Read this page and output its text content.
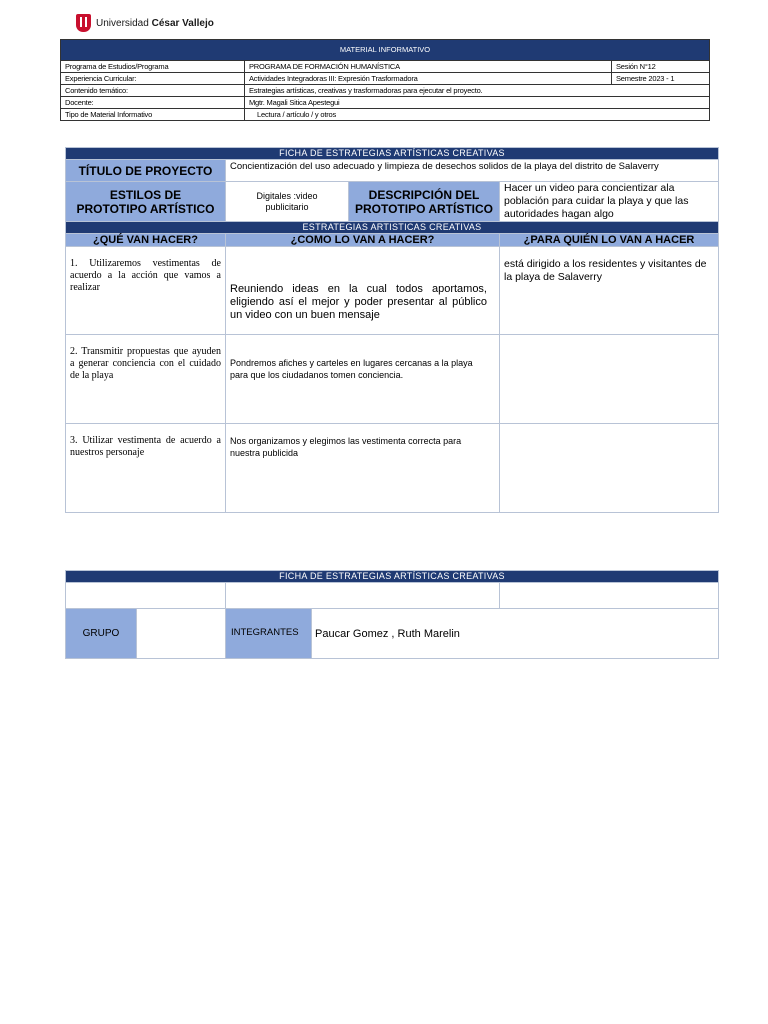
Universidad César Vallejo
MATERIAL INFORMATIVO		
Programa de Estudios/Programa	PROGRAMA DE FORMACIÓN HUMANÍSTICA	Sesión N°12
Experiencia Curricular:	Actividades Integradoras III: Expresión Trasformadora	Semestre 2023 - 1
Contenido temático:	Estrategias artísticas, creativas y trasformadoras para ejecutar el proyecto.	
Docente:	Mgtr. Magali Sitica Apestegui	
Tipo de Material Informativo	Lectura / artículo / y otros	
FICHA DE ESTRATEGIAS ARTÍSTICAS CREATIVAS			
TÍTULO DE PROYECTO	Concientización del uso adecuado y limpieza de desechos solidos de la playa del distrito de Salaverry		
ESTILOS DE PROTOTIPO ARTÍSTICO	Digitales :video publicitario	DESCRIPCIÓN DEL PROTOTIPO ARTÍSTICO	Hacer un video para concientizar ala población para cuidar la playa y que las autoridades hagan algo
ESTRATEGIAS ARTISTICAS CREATIVAS			
¿QUÉ VAN HACER?	¿COMO LO VAN A HACER?		¿PARA QUIÉN LO VAN A HACER
1. Utilizaremos vestimentas de acuerdo a la acción que vamos a realizar	Reuniendo ideas en la cual todos aportamos, eligiendo así el mejor y poder presentar al público un video con un buen mensaje		está dirigido a los residentes y visitantes de la playa de Salaverry
2. Transmitir propuestas que ayuden a generar conciencia con el cuidado de la playa	Pondremos afiches y carteles en lugares cercanas a la playa para que los ciudadanos tomen conciencia.		
3. Utilizar vestimenta de acuerdo a nuestros personaje	Nos organizamos y elegimos las vestimenta correcta para nuestra publicida		
FICHA DE ESTRATEGIAS ARTÍSTICAS CREATIVAS				

GRUPO		INTEGRANTES	Paucar Gomez , Ruth Marelin	
